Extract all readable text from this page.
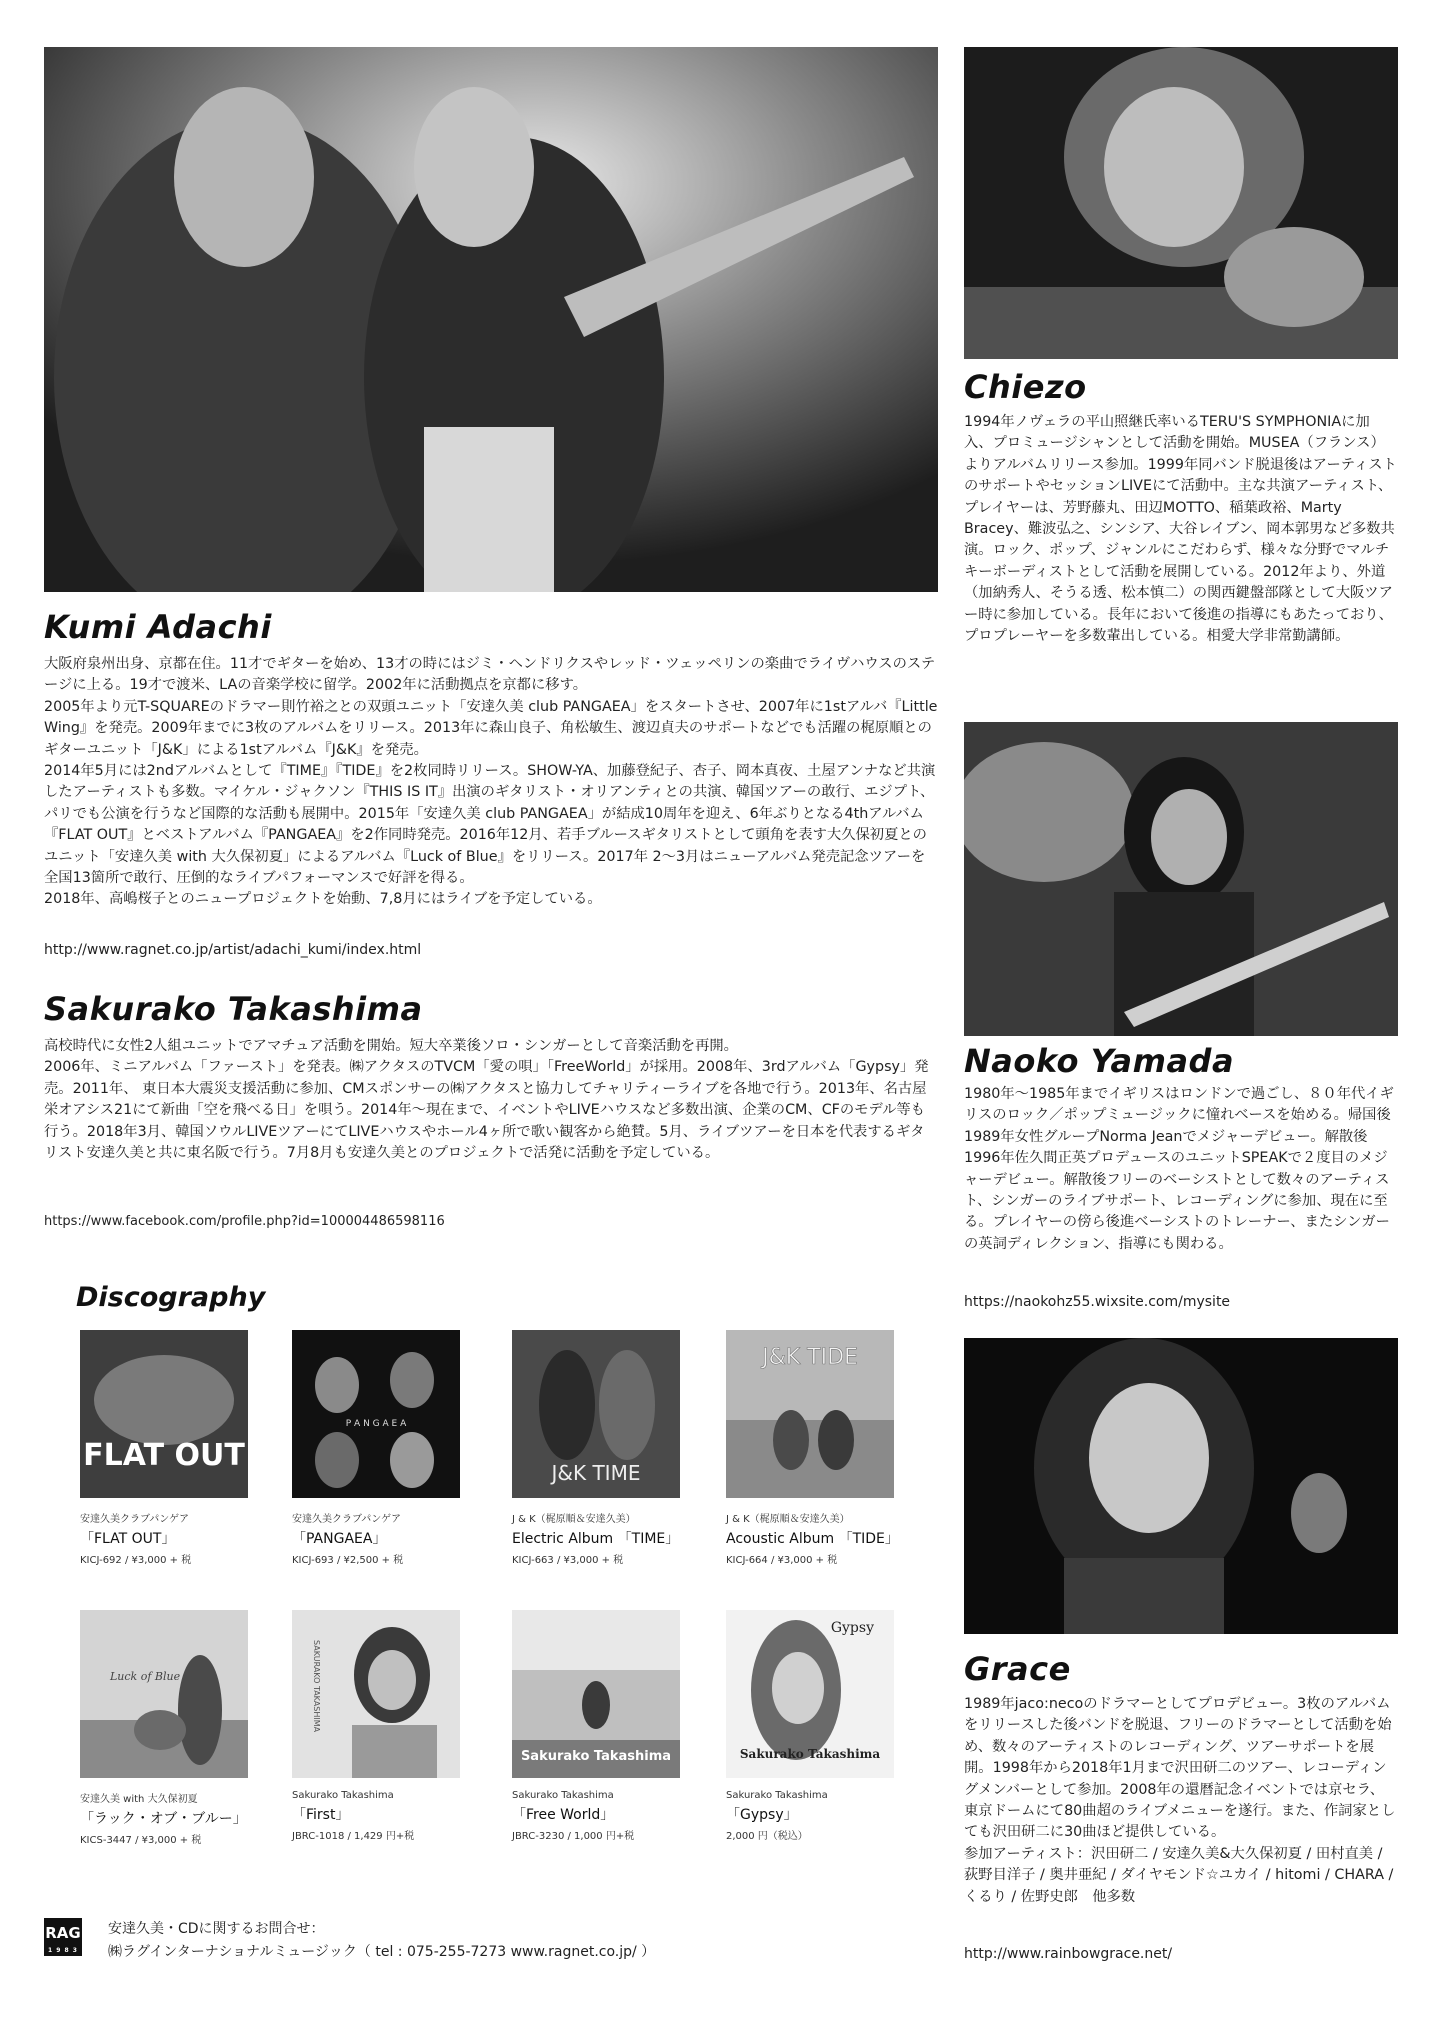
Kumi Adachi

大阪府泉州出身、京都在住。11才でギターを始め、13才の時にはジミ・ヘンドリクスやレッド・ツェッペリンの楽曲でライヴハウスのステージに上る。19才で渡米、LAの音楽学校に留学。2002年に活動拠点を京都に移す。

2005年より元T-SQUAREのドラマー則竹裕之との双頭ユニット「安達久美 club PANGAEA」をスタートさせ、2007年に1stアルバ『Little　Wing』を発売。2009年までに3枚のアルバムをリリース。2013年に森山良子、角松敏生、渡辺貞夫のサポートなどでも活躍の梶原順とのギターユニット「J&K」による1stアルバム『J&K』を発売。

2014年5月には2ndアルバムとして『TIME』『TIDE』を2枚同時リリース。SHOW-YA、加藤登紀子、杏子、岡本真夜、土屋アンナなど共演したアーティストも多数。マイケル・ジャクソン『THIS IS IT』出演のギタリスト・オリアンティとの共演、韓国ツアーの敢行、エジプト、パリでも公演を行うなど国際的な活動も展開中。2015年「安達久美 club PANGAEA」が結成10周年を迎え、6年ぶりとなる4thアルバム『FLAT OUT』とベストアルバム『PANGAEA』を2作同時発売。2016年12月、若手ブルースギタリストとして頭角を表す大久保初夏とのユニット「安達久美 with 大久保初夏」によるアルバム『Luck of Blue』をリリース。2017年 2～3月はニューアルバム発売記念ツアーを全国13箇所で敢行、圧倒的なライブパフォーマンスで好評を得る。

2018年、高嶋桜子とのニュープロジェクトを始動、7,8月にはライブを予定している。

http://www.ragnet.co.jp/artist/adachi_kumi/index.html
Sakurako Takashima

高校時代に女性2人組ユニットでアマチュア活動を開始。短大卒業後ソロ・シンガーとして音楽活動を再開。

2006年、ミニアルバム「ファースト」を発表。㈱アクタスのTVCM「愛の唄」「FreeWorld」が採用。2008年、3rdアルバム「Gypsy」発売。2011年、 東日本大震災支援活動に参加、CMスポンサーの㈱アクタスと協力してチャリティーライブを各地で行う。2013年、名古屋栄オアシス21にて新曲「空を飛べる日」を唄う。2014年～現在まで、イベントやLIVEハウスなど多数出演、企業のCM、CFのモデル等も行う。2018年3月、韓国ソウルLIVEツアーにてLIVEハウスやホール4ヶ所で歌い観客から絶賛。5月、ライブツアーを日本を代表するギタリスト安達久美と共に東名阪で行う。7月8月も安達久美とのプロジェクトで活発に活動を予定している。

https://www.facebook.com/profile.php?id=100004486598116
Chiezo
1994年ノヴェラの平山照継氏率いるTERU'S SYMPHONIAに加入、プロミュージシャンとして活動を開始。MUSEA（フランス）よりアルバムリリース参加。1999年同バンド脱退後はアーティストのサポートやセッションLIVEにて活動中。主な共演アーティスト、プレイヤーは、芳野藤丸、田辺MOTTO、稲葉政裕、Marty Bracey、難波弘之、シンシア、大谷レイブン、岡本郭男など多数共演。ロック、ポップ、ジャンルにこだわらず、様々な分野でマルチキーボーディストとして活動を展開している。2012年より、外道（加納秀人、そうる透、松本慎二）の関西鍵盤部隊として大阪ツアー時に参加している。長年において後進の指導にもあたっており、プロプレーヤーを多数輩出している。相愛大学非常勤講師。
Naoko Yamada
1980年～1985年までイギリスはロンドンで過ごし、８０年代イギリスのロック／ポップミュージックに憧れベースを始める。帰国後1989年女性グループNorma Jeanでメジャーデビュー。解散後1996年佐久間正英プロデュースのユニットSPEAKで２度目のメジャーデビュー。解散後フリーのベーシストとして数々のアーティスト、シンガーのライブサポート、レコーディングに参加、現在に至る。プレイヤーの傍ら後進ベーシストのトレーナー、またシンガーの英詞ディレクション、指導にも関わる。
https://naokohz55.wixsite.com/mysite
Grace

1989年jaco:necoのドラマーとしてプロデビュー。3枚のアルバムをリリースした後バンドを脱退、フリーのドラマーとして活動を始め、数々のアーティストのレコーディング、ツアーサポートを展開。1998年から2018年1月まで沢田研二のツアー、レコーディングメンバーとして参加。2008年の還暦記念イベントでは京セラ、東京ドームにて80曲超のライブメニューを遂行。また、作詞家としても沢田研二に30曲ほど提供している。

参加アーティスト：沢田研二 / 安達久美&大久保初夏 / 田村直美 / 荻野目洋子 / 奥井亜紀 / ダイヤモンド☆ユカイ / hitomi / CHARA / くるり / 佐野史郎　他多数

http://www.rainbowgrace.net/
Discography
FLAT OUT
安達久美クラブパンゲア
「FLAT OUT」
KICJ-692 / ¥3,000 + 税
P A N G A E A
安達久美クラブパンゲア
「PANGAEA」
KICJ-693 / ¥2,500 + 税
J&K TIME
J & K（梶原順＆安達久美）
Electric Album 「TIME」
KICJ-663 / ¥3,000 + 税
J&K TIDE
J & K（梶原順＆安達久美）
Acoustic Album 「TIDE」
KICJ-664 / ¥3,000 + 税
Luck of Blue
安達久美 with 大久保初夏
「ラック・オブ・ブルー」
KICS-3447 / ¥3,000 + 税
SAKURAKO TAKASHIMA
Sakurako Takashima
「First」
JBRC-1018 / 1,429 円+税
Sakurako Takashima
Sakurako Takashima
「Free World」
JBRC-3230 / 1,000 円+税
Gypsy
Sakurako Takashima
Sakurako Takashima
「Gypsy」
2,000 円（税込）
RAG
1 9 8 3
安達久美・CDに関するお問合せ：
㈱ラグインターナショナルミュージック（ tel : 075-255-7273 www.ragnet.co.jp/ ）
